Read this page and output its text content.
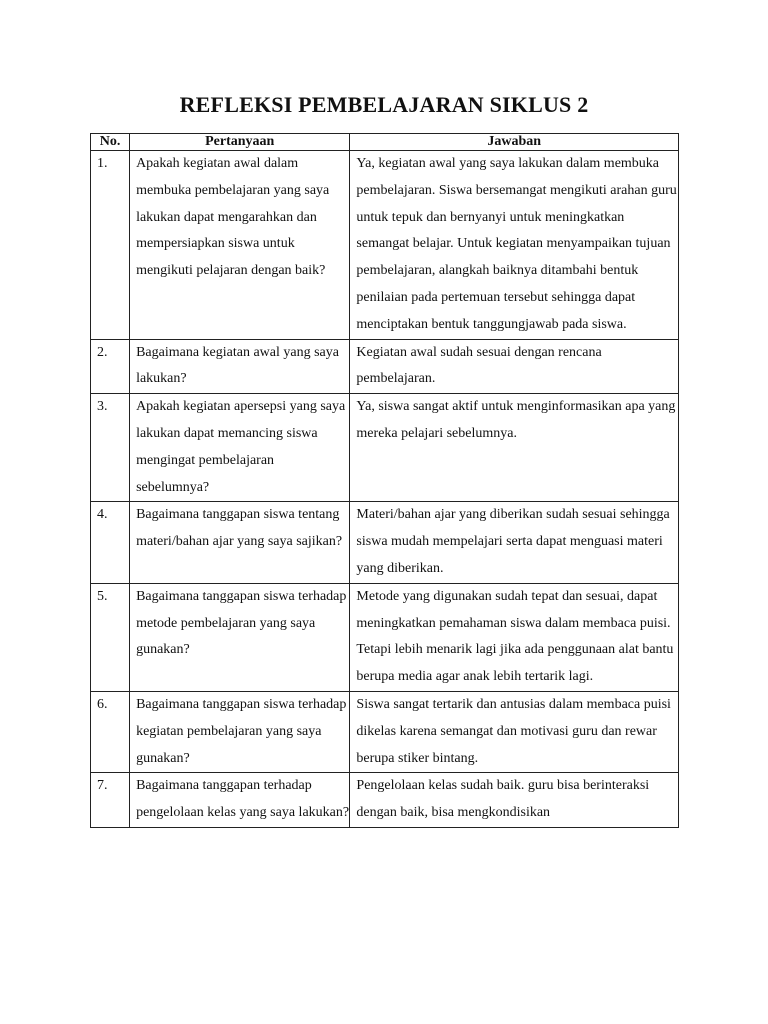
REFLEKSI PEMBELAJARAN SIKLUS 2
No.	Pertanyaan	Jawaban
1.	Apakah kegiatan awal dalam membuka pembelajaran yang saya lakukan dapat mengarahkan dan mempersiapkan siswa untuk mengikuti pelajaran dengan baik?	Ya, kegiatan awal yang saya lakukan dalam membuka pembelajaran. Siswa bersemangat mengikuti arahan guru untuk tepuk dan bernyanyi untuk meningkatkan semangat belajar. Untuk kegiatan menyampaikan tujuan pembelajaran, alangkah baiknya ditambahi bentuk penilaian pada pertemuan tersebut sehingga dapat menciptakan bentuk tanggungjawab pada siswa.
2.	Bagaimana kegiatan awal yang saya lakukan?	Kegiatan awal sudah sesuai dengan rencana pembelajaran.
3.	Apakah kegiatan apersepsi yang saya lakukan dapat memancing siswa mengingat pembelajaran sebelumnya?	Ya, siswa sangat aktif untuk menginformasikan apa yang mereka pelajari sebelumnya.
4.	Bagaimana tanggapan siswa tentang materi/bahan ajar yang saya sajikan?	Materi/bahan ajar yang diberikan sudah sesuai sehingga siswa mudah mempelajari serta dapat menguasi materi yang diberikan.
5.	Bagaimana tanggapan siswa terhadap metode pembelajaran yang saya gunakan?	Metode yang digunakan sudah tepat dan sesuai, dapat meningkatkan pemahaman siswa dalam membaca puisi. Tetapi lebih menarik lagi jika ada penggunaan alat bantu berupa media agar anak lebih tertarik lagi.
6.	Bagaimana tanggapan siswa terhadap kegiatan pembelajaran yang saya gunakan?	Siswa sangat tertarik dan antusias dalam membaca puisi dikelas karena semangat dan motivasi guru dan rewar berupa stiker bintang.
7.	Bagaimana tanggapan terhadap pengelolaan kelas yang saya lakukan?	Pengelolaan kelas sudah baik. guru bisa berinteraksi dengan baik, bisa mengkondisikan
